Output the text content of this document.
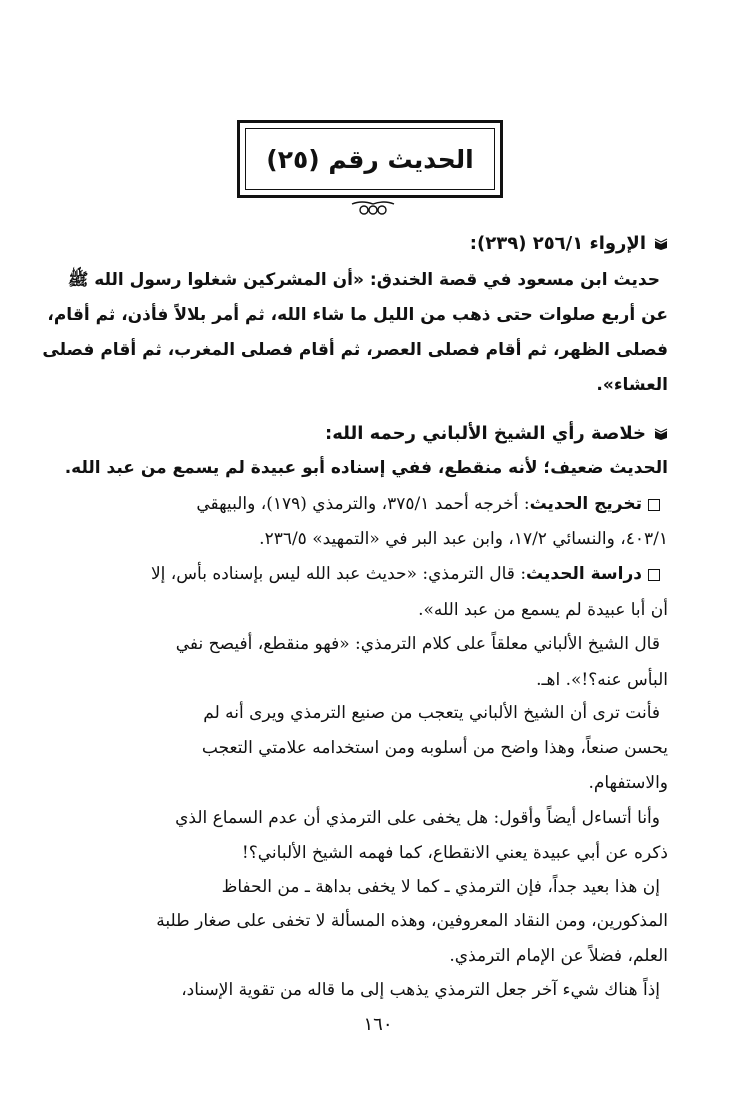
الحديث رقم (٢٥)
الإرواء ٢٥٦/١ (٢٣٩):
حديث ابن مسعود في قصة الخندق: «أن المشركين شغلوا رسول الله ﷺ
عن أربع صلوات حتى ذهب من الليل ما شاء الله، ثم أمر بلالاً فأذن، ثم أقام،
فصلى الظهر، ثم أقام فصلى العصر، ثم أقام فصلى المغرب، ثم أقام فصلى
العشاء».
خلاصة رأي الشيخ الألباني رحمه الله:
الحديث ضعيف؛ لأنه منقطع، ففي إسناده أبو عبيدة لم يسمع من عبد الله.
تخريج الحديث: أخرجه أحمد ٣٧٥/١، والترمذي (١٧٩)، والبيهقي
٤٠٣/١، والنسائي ١٧/٢، وابن عبد البر في «التمهيد» ٢٣٦/٥.
دراسة الحديث: قال الترمذي: «حديث عبد الله ليس بإسناده بأس، إلا
أن أبا عبيدة لم يسمع من عبد الله».
قال الشيخ الألباني معلقاً على كلام الترمذي: «فهو منقطع، أفيصح نفي
البأس عنه؟!». اهـ.
فأنت ترى أن الشيخ الألباني يتعجب من صنيع الترمذي ويرى أنه لم
يحسن صنعاً، وهذا واضح من أسلوبه ومن استخدامه علامتي التعجب
والاستفهام.
وأنا أتساءل أيضاً وأقول: هل يخفى على الترمذي أن عدم السماع الذي
ذكره عن أبي عبيدة يعني الانقطاع، كما فهمه الشيخ الألباني؟!
إن هذا بعيد جداً، فإن الترمذي ـ كما لا يخفى بداهة ـ من الحفاظ
المذكورين، ومن النقاد المعروفين، وهذه المسألة لا تخفى على صغار طلبة
العلم، فضلاً عن الإمام الترمذي.
إذاً هناك شيء آخر جعل الترمذي يذهب إلى ما قاله من تقوية الإسناد،
١٦٠
